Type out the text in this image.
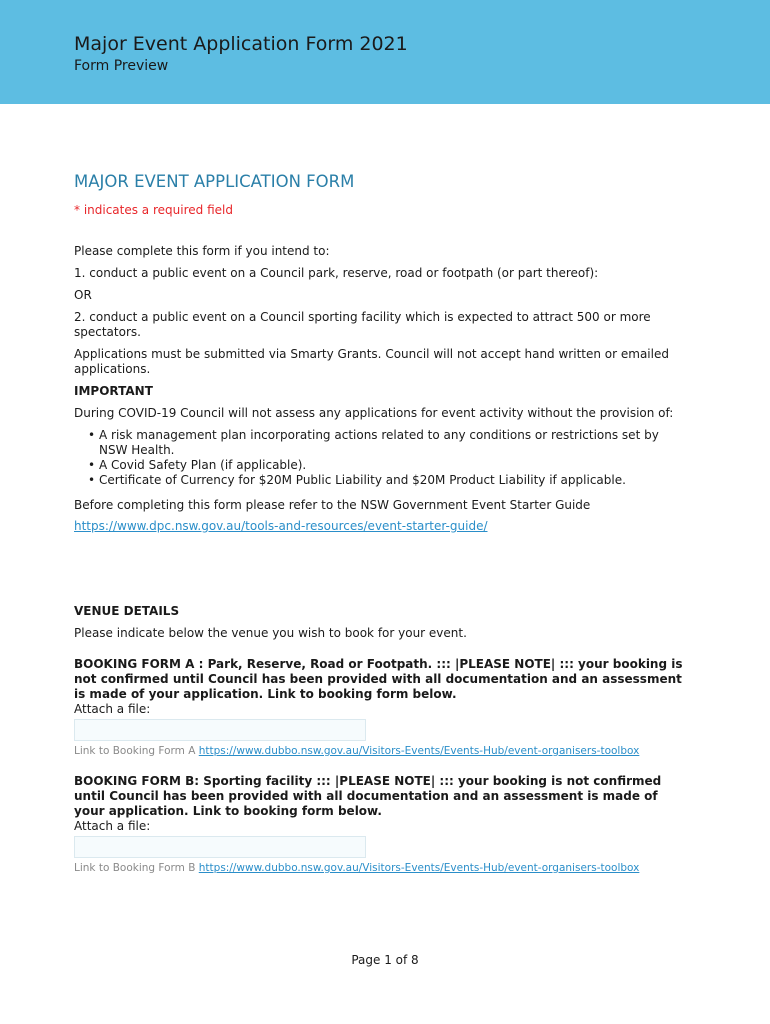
Major Event Application Form 2021
Form Preview
MAJOR EVENT APPLICATION FORM
* indicates a required field

Please complete this form if you intend to:

1. conduct a public event on a Council park, reserve, road or footpath (or part thereof):

OR

2. conduct a public event on a Council sporting facility which is expected to attract 500 or more spectators.

Applications must be submitted via Smarty Grants. Council will not accept hand written or emailed applications.

IMPORTANT

During COVID-19 Council will not assess any applications for event activity without the provision of:

• A risk management plan incorporating actions related to any conditions or restrictions set by NSW Health.
• A Covid Safety Plan (if applicable).
• Certificate of Currency for $20M Public Liability and $20M Product Liability if applicable.

Before completing this form please refer to the NSW Government Event Starter Guide

https://www.dpc.nsw.gov.au/tools-and-resources/event-starter-guide/

VENUE DETAILS

Please indicate below the venue you wish to book for your event.

BOOKING FORM A : Park, Reserve, Road or Footpath. ::: |PLEASE NOTE| ::: your booking is not confirmed until Council has been provided with all documentation and an assessment is made of your application. Link to booking form below.
Attach a file:

Link to Booking Form A https://www.dubbo.nsw.gov.au/Visitors-Events/Events-Hub/event-organisers-toolbox

BOOKING FORM B: Sporting facility ::: |PLEASE NOTE| ::: your booking is not confirmed until Council has been provided with all documentation and an assessment is made of your application. Link to booking form below.
Attach a file:

Link to Booking Form B https://www.dubbo.nsw.gov.au/Visitors-Events/Events-Hub/event-organisers-toolbox

Page 1 of 8
